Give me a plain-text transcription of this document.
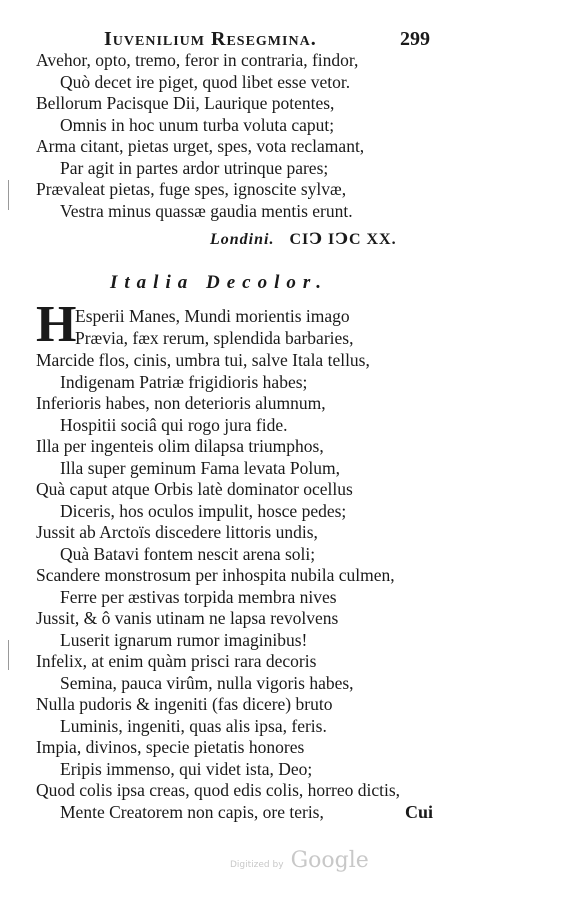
Iuvenilium Resegmina.	299
Avehor, opto, tremo, feror in contraria, findor,
Quò decet ire piget, quod libet esse vetor.
Bellorum Pacisque Dii, Laurique potentes,
Omnis in hoc unum turba voluta caput;
Arma citant, pietas urget, spes, vota reclamant,
Par agit in partes ardor utrinque pares;
Prævaleat pietas, fuge spes, ignoscite sylvæ,
Vestra minus quassæ gaudia mentis erunt.
Londini. CIↃ IↃC XX.
Italia Decolor.
H
Esperii Manes, Mundi morientis imago
Prævia, fæx rerum, splendida barbaries,
Marcide flos, cinis, umbra tui, salve Itala tellus,
Indigenam Patriæ frigidioris habes;
Inferioris habes, non deterioris alumnum,
Hospitii sociâ qui rogo jura fide.
Illa per ingenteis olim dilapsa triumphos,
Illa super geminum Fama levata Polum,
Quà caput atque Orbis latè dominator ocellus
Diceris, hos oculos impulit, hosce pedes;
Jussit ab Arctoïs discedere littoris undis,
Quà Batavi fontem nescit arena soli;
Scandere monstrosum per inhospita nubila culmen,
Ferre per æstivas torpida membra nives
Jussit, & ô vanis utinam ne lapsa revolvens
Luserit ignarum rumor imaginibus!
Infelix, at enim quàm prisci rara decoris
Semina, pauca virûm, nulla vigoris habes,
Nulla pudoris & ingeniti (fas dicere) bruto
Luminis, ingeniti, quas alis ipsa, feris.
Impia, divinos, specie pietatis honores
Eripis immenso, qui videt ista, Deo;
Quod colis ipsa creas, quod edis colis, horreo dictis,
Mente Creatorem non capis, ore teris,	Cui
Digitized by Google
